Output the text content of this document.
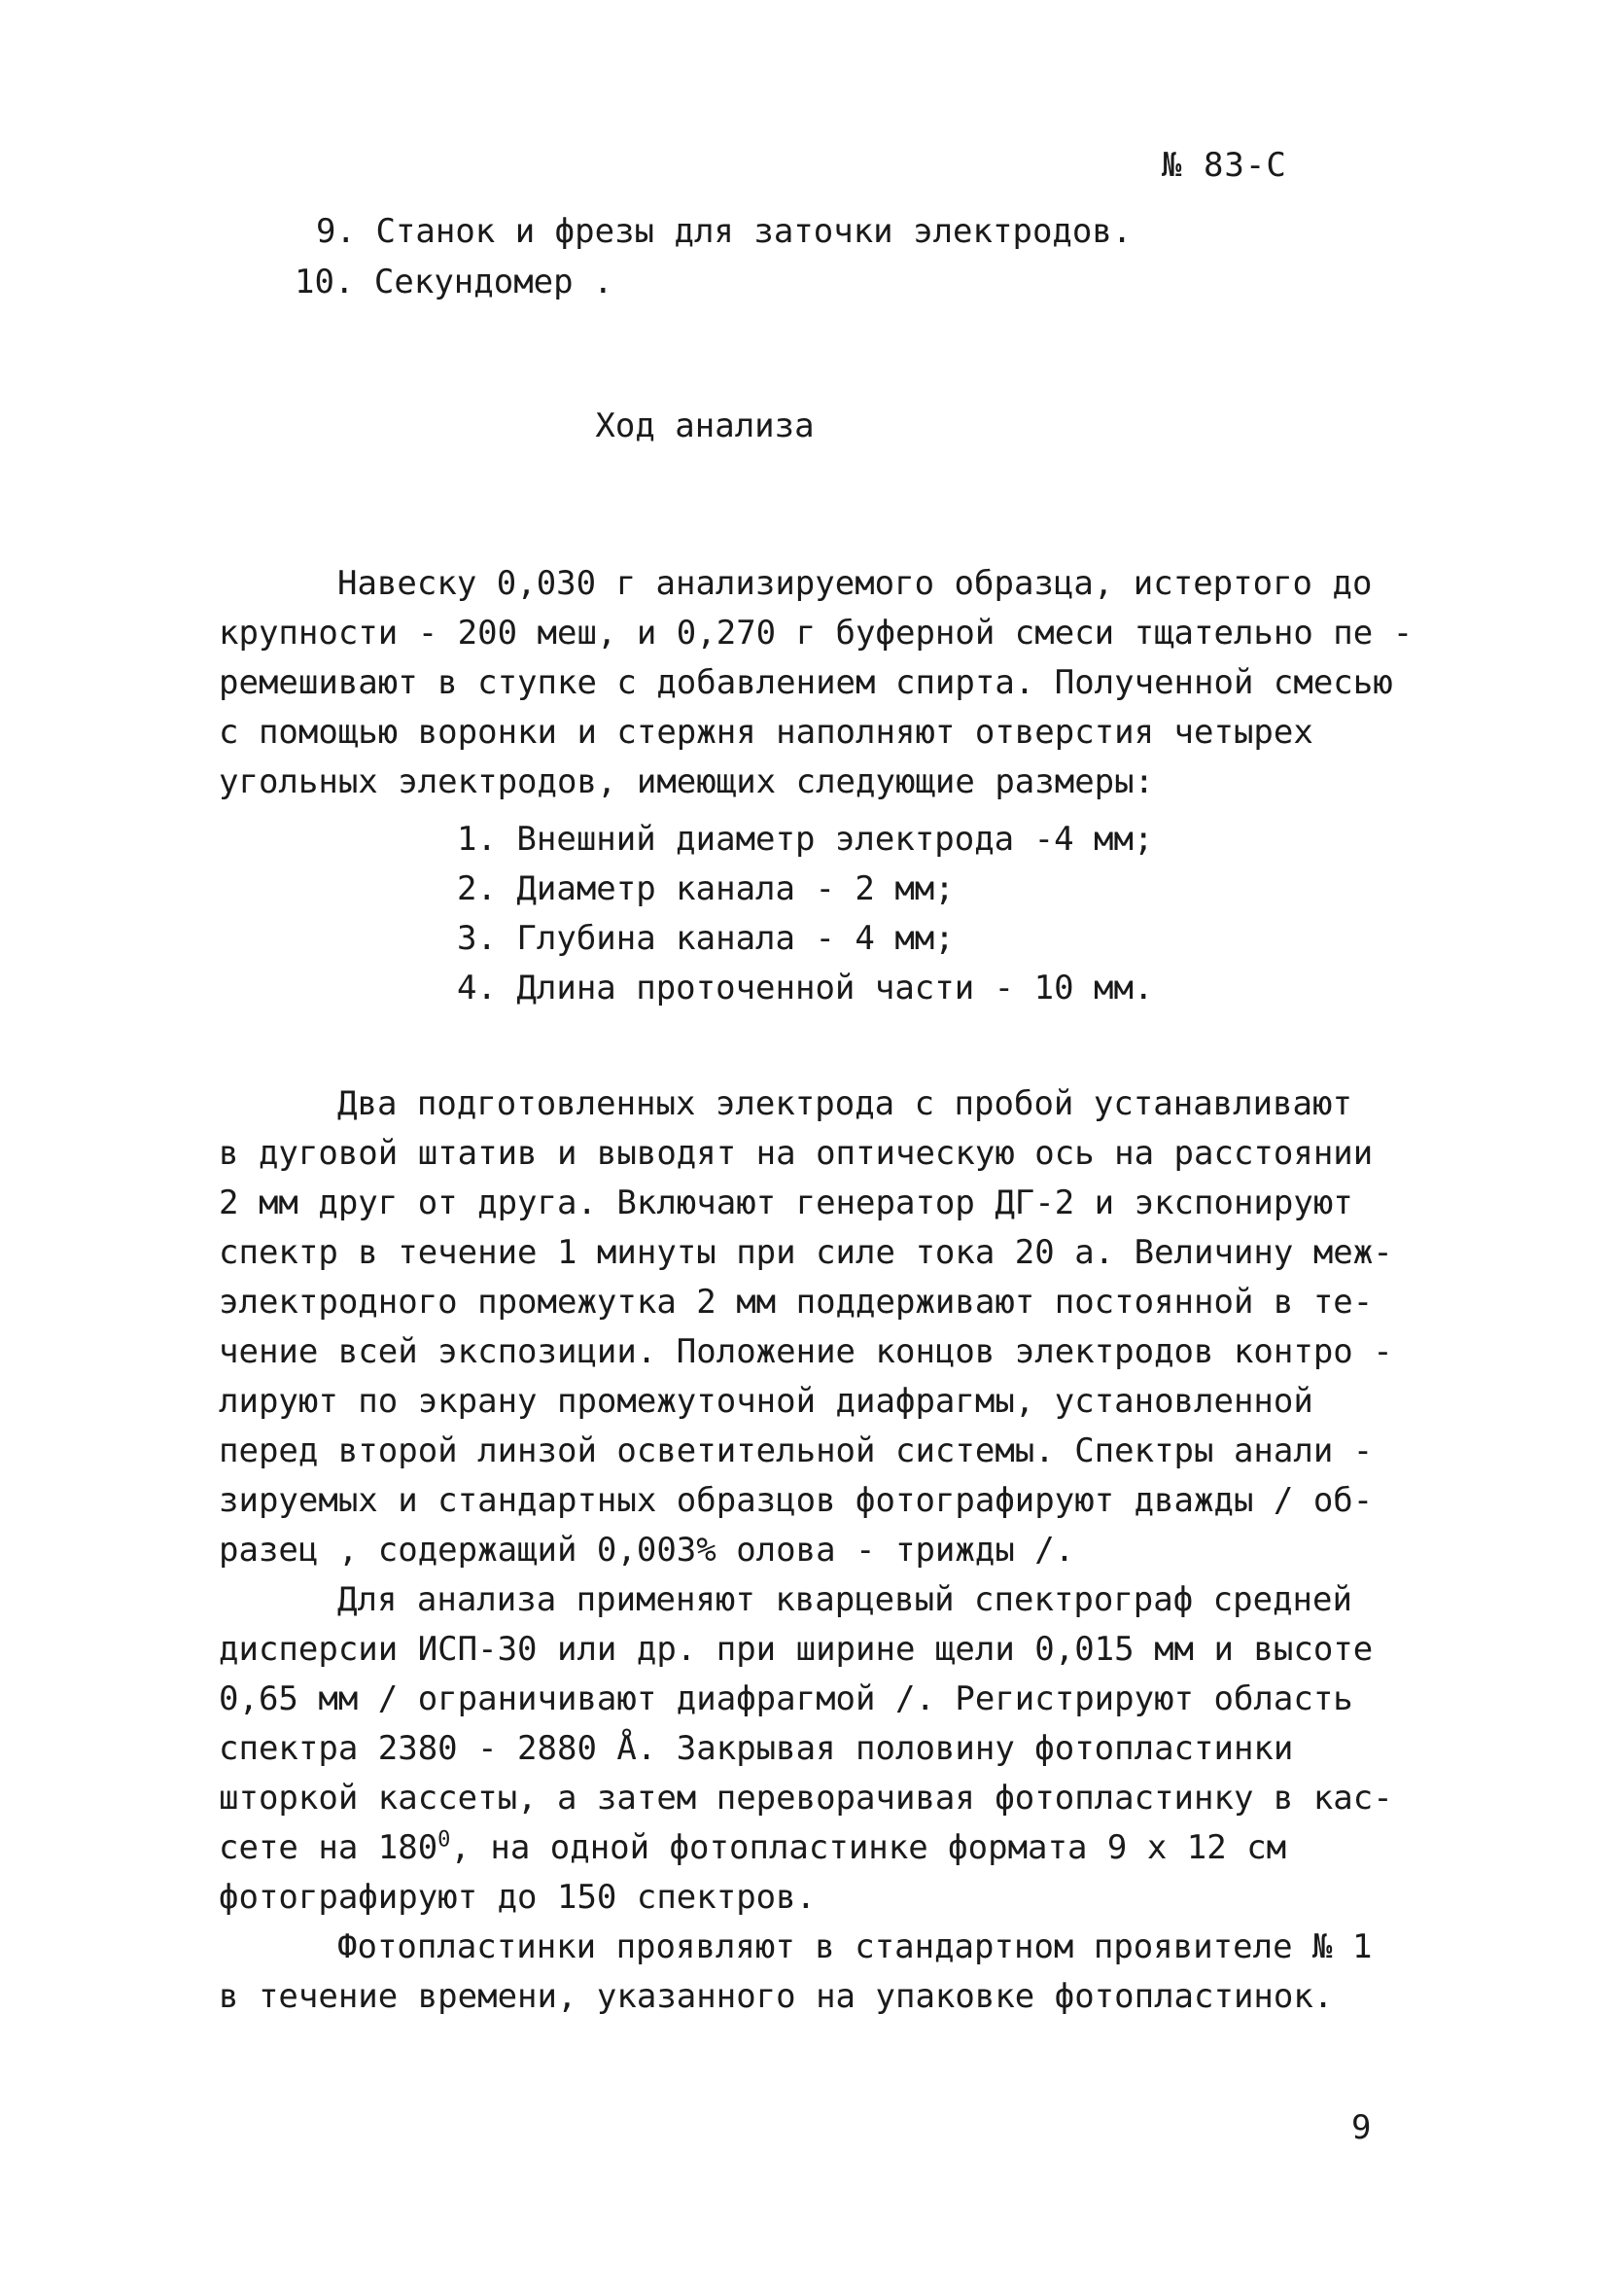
№ 83-С
9. Станок и фрезы для заточки электродов.
10. Секундомер .
Ход анализа
Навеску 0,030 г анализируемого образца, истертого до
крупности - 200 меш, и 0,270 г буферной смеси тщательно пе -
ремешивают в ступке с добавлением спирта. Полученной смесью
с помощью воронки и стержня наполняют отверстия четырех
угольных электродов, имеющих следующие размеры:
1. Внешний диаметр электрода -4 мм;
2. Диаметр канала - 2 мм;
3. Глубина канала - 4 мм;
4. Длина проточенной части - 10 мм.
Два подготовленных электрода с пробой устанавливают
в дуговой штатив и выводят на оптическую ось на расстоянии
2 мм друг от друга. Включают генератор ДГ-2 и экспонируют
спектр в течение 1 минуты при силе тока 20 а. Величину меж-
электродного промежутка 2 мм поддерживают постоянной в те-
чение всей экспозиции. Положение концов электродов контро -
лируют по экрану промежуточной диафрагмы, установленной
перед второй линзой осветительной системы. Спектры анали -
зируемых и стандартных образцов фотографируют дважды / об-
разец , содержащий 0,003% олова - трижды /.
Для анализа применяют кварцевый спектрограф средней
дисперсии ИСП-30 или др. при ширине щели 0,015 мм и высоте
0,65 мм / ограничивают диафрагмой /. Регистрируют область
спектра 2380 - 2880 Å. Закрывая половину фотопластинки
шторкой кассеты, а затем переворачивая фотопластинку в кас-
сете на $180^0$, на одной фотопластинке формата 9 х 12 см
фотографируют до 150 спектров.
Фотопластинки проявляют в стандартном проявителе № 1
в течение времени, указанного на упаковке фотопластинок.
9
